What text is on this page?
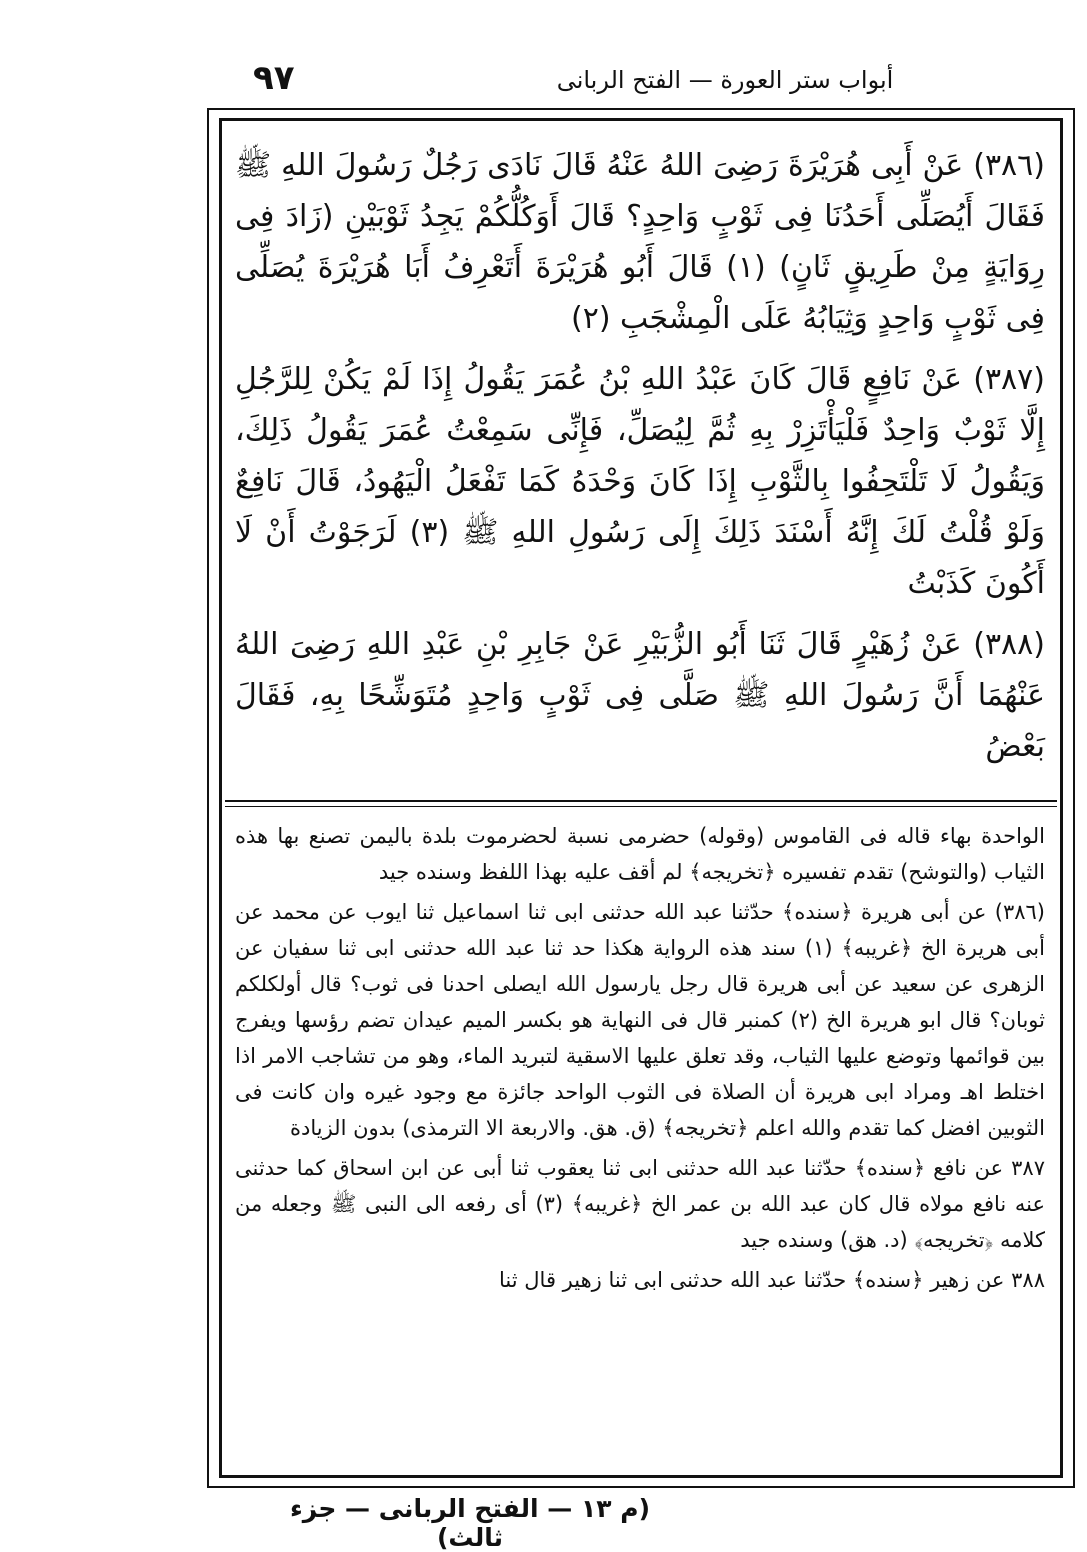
٩٧	أبواب ستر العورة — الفتح الربانى

(٣٨٦) عَنْ أَبِى هُرَيْرَةَ رَضِىَ اللهُ عَنْهُ قَالَ نَادَى رَجُلٌ رَسُولَ اللهِ ﷺ فَقَالَ أَيُصَلِّى أَحَدُنَا فِى ثَوْبٍ وَاحِدٍ؟ قَالَ أَوَكُلُّكُمْ يَجِدُ ثَوْبَيْنِ (زَادَ فِى رِوَايَةٍ مِنْ طَرِيقٍ ثَانٍ) (١) قَالَ أَبُو هُرَيْرَةَ أَتَعْرِفُ أَبَا هُرَيْرَةَ يُصَلِّى فِى ثَوْبٍ وَاحِدٍ وَثِيَابُهُ عَلَى الْمِشْجَبِ (٢)

(٣٨٧) عَنْ نَافِعٍ قَالَ كَانَ عَبْدُ اللهِ بْنُ عُمَرَ يَقُولُ إِذَا لَمْ يَكُنْ لِلرَّجُلِ إِلَّا ثَوْبٌ وَاحِدٌ فَلْيَأْتَزِرْ بِهِ ثُمَّ لِيُصَلِّ، فَإِنِّى سَمِعْتُ عُمَرَ يَقُولُ ذَلِكَ، وَيَقُولُ لَا تَلْتَحِفُوا بِالثَّوْبِ إِذَا كَانَ وَحْدَهُ كَمَا تَفْعَلُ الْيَهُودُ، قَالَ نَافِعٌ وَلَوْ قُلْتُ لَكَ إِنَّهُ أَسْنَدَ ذَلِكَ إِلَى رَسُولِ اللهِ ﷺ (٣) لَرَجَوْتُ أَنْ لَا أَكُونَ كَذَبْتُ

(٣٨٨) عَنْ زُهَيْرٍ قَالَ ثَنَا أَبُو الزُّبَيْرِ عَنْ جَابِرِ بْنِ عَبْدِ اللهِ رَضِىَ اللهُ عَنْهُمَا أَنَّ رَسُولَ اللهِ ﷺ صَلَّى فِى ثَوْبٍ وَاحِدٍ مُتَوَشِّحًا بِهِ، فَقَالَ بَعْضُ

الواحدة بهاء قاله فى القاموس (وقوله) حضرمى نسبة لحضرموت بلدة باليمن تصنع بها هذه الثياب (والتوشح) تقدم تفسيره ﴿تخريجه﴾ لم أقف عليه بهذا اللفظ وسنده جيد

(٣٨٦) عن أبى هريرة ﴿سنده﴾ حدّثنا عبد الله حدثنى ابى ثنا اسماعيل ثنا ايوب عن محمد عن أبى هريرة الخ ﴿غريبه﴾ (١) سند هذه الرواية هكذا حد ثنا عبد الله حدثنى ابى ثنا سفيان عن الزهرى عن سعيد عن أبى هريرة قال رجل يارسول الله ايصلى احدنا فى ثوب؟ قال أولكلكم ثوبان؟ قال ابو هريرة الخ (٢) كمنبر قال فى النهاية هو بكسر الميم عيدان تضم رؤسها ويفرج بين قوائمها وتوضع عليها الثياب، وقد تعلق عليها الاسقية لتبريد الماء، وهو من تشاجب الامر اذا اختلط اهـ ومراد ابى هريرة أن الصلاة فى الثوب الواحد جائزة مع وجود غيره وان كانت فى الثوبين افضل كما تقدم والله اعلم ﴿تخريجه﴾ (ق. هق. والاربعة الا الترمذى) بدون الزيادة

٣٨٧ عن نافع ﴿سنده﴾ حدّثنا عبد الله حدثنى ابى ثنا يعقوب ثنا أبى عن ابن اسحاق كما حدثنى عنه نافع مولاه قال كان عبد الله بن عمر الخ ﴿غريبه﴾ (٣) أى رفعه الى النبى ﷺ وجعله من كلامه ﴿تخريجه﴾ (د. هق) وسنده جيد

٣٨٨ عن زهير ﴿سنده﴾ حدّثنا عبد الله حدثنى ابى ثنا زهير قال ثنا

(م ١٣ — الفتح الربانى — جزء ثالث)
